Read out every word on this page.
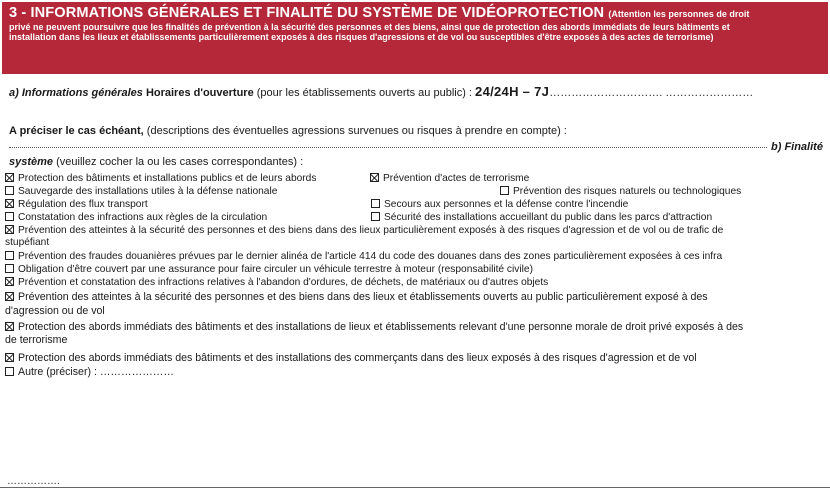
3 - INFORMATIONS GÉNÉRALES ET FINALITÉ DU SYSTÈME DE VIDÉOPROTECTION (Attention les personnes de droit
privé ne peuvent poursuivre que les finalités de prévention à la sécurité des personnes et des biens, ainsi que de protection des abords immédiats de leurs bâtiments et
installation dans les lieux et établissements particulièrement exposés à des risques d'agressions et de vol ou susceptibles d'être exposés à des actes de terrorisme)
a) Informations générales Horaires d'ouverture (pour les établissements ouverts au public) : 24/24H – 7J…………………………. ……………………
A préciser le cas échéant, (descriptions des éventuelles agressions survenues ou risques à prendre en compte) :
b) Finalité
système (veuillez cocher la ou les cases correspondantes) :
Protection des bâtiments et installations publics et de leurs abords	Prévention d'actes de terrorisme
Sauvegarde des installations utiles à la défense nationale	Prévention des risques naturels ou technologiques
Régulation des flux transport	Secours aux personnes et la défense contre l'incendie
Constatation des infractions aux règles de la circulation	Sécurité des installations accueillant du public dans les parcs d'attraction
Prévention des atteintes à la sécurité des personnes et des biens dans des lieux particulièrement exposés à des risques d'agression et de vol ou de trafic de
stupéfiant
Prévention des fraudes douanières prévues par le dernier alinéa de l'article 414 du code des douanes dans des zones particulièrement exposées à ces infra
Obligation d'être couvert par une assurance pour faire circuler un véhicule terrestre à moteur (responsabilité civile)
Prévention et constatation des infractions relatives à l'abandon d'ordures, de déchets, de matériaux ou d'autres objets
Prévention des atteintes à la sécurité des personnes et des biens dans des lieux et établissements ouverts au public particulièrement exposé à des
d'agression ou de vol
Protection des abords immédiats des bâtiments et des installations de lieux et établissements relevant d'une personne morale de droit privé exposés à des
de terrorisme
Protection des abords immédiats des bâtiments et des installations des commerçants dans des lieux exposés à des risques d'agression et de vol
Autre (préciser) : …………………
…………….
